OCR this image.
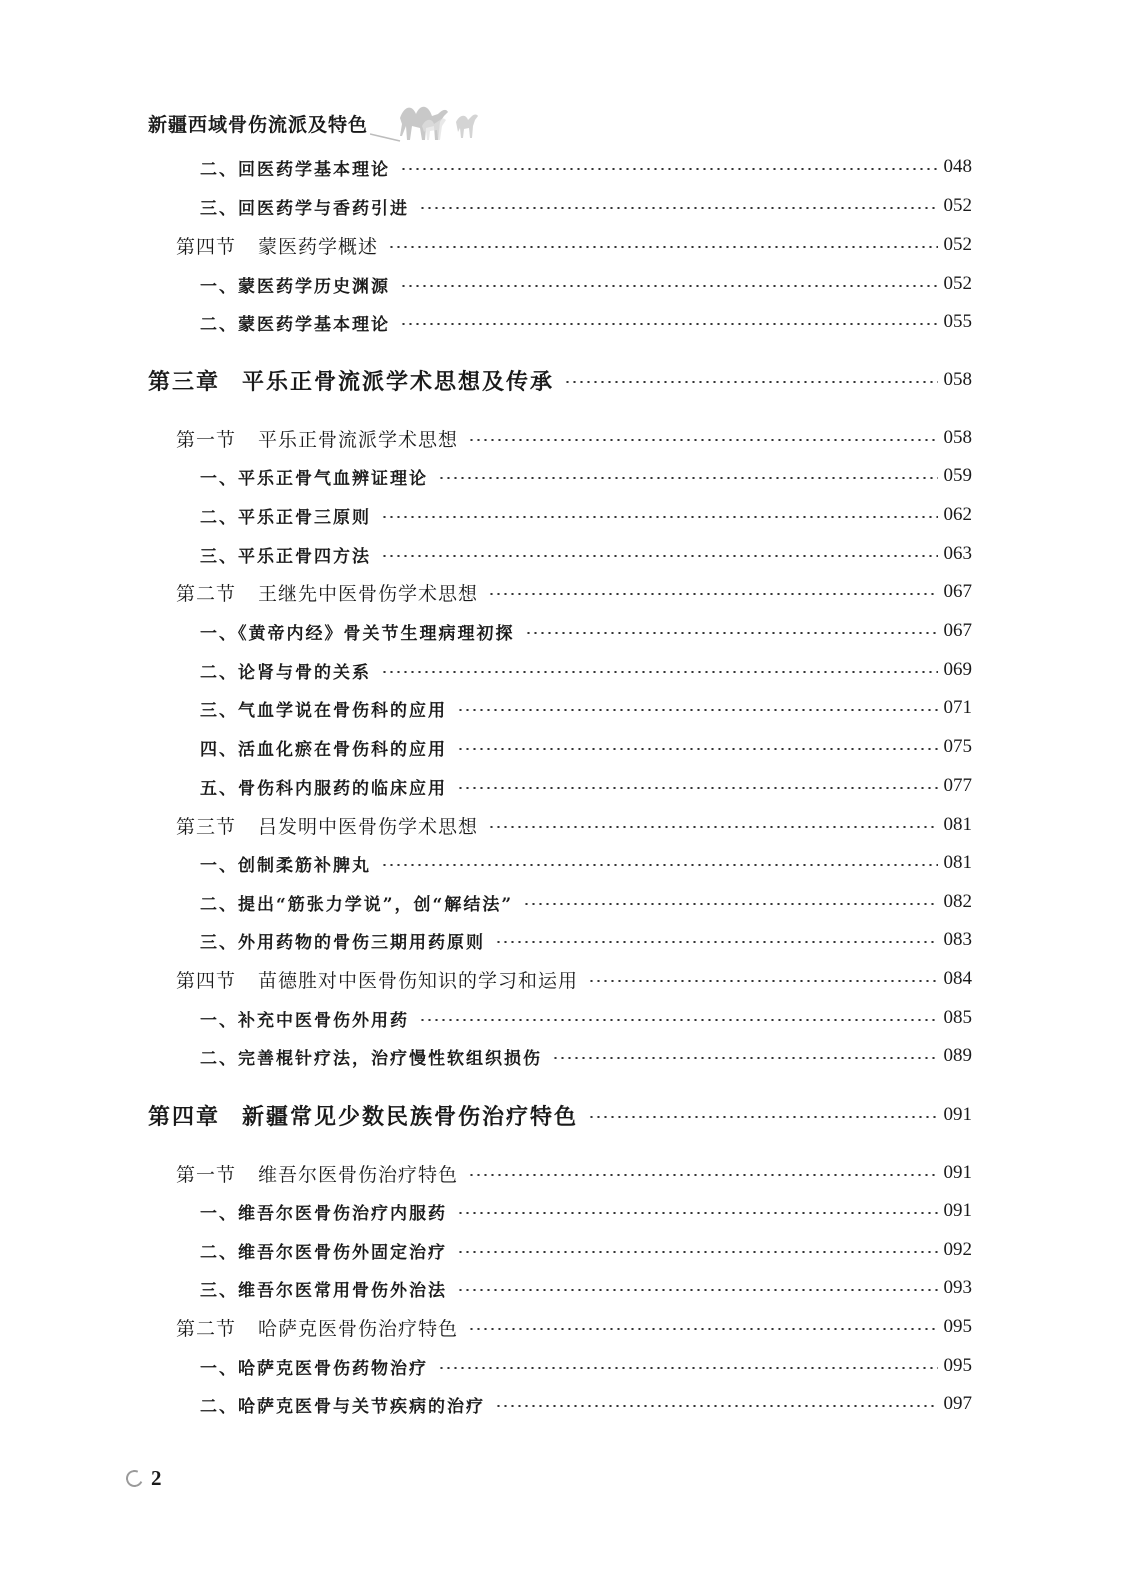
新疆西域骨伤流派及特色
二、回医药学基本理论	048
三、回医药学与香药引进	052
第四节 蒙医药学概述	052
一、蒙医药学历史渊源	052
二、蒙医药学基本理论	055
第三章 平乐正骨流派学术思想及传承	058
第一节 平乐正骨流派学术思想	058
一、平乐正骨气血辨证理论	059
二、平乐正骨三原则	062
三、平乐正骨四方法	063
第二节 王继先中医骨伤学术思想	067
一、《黄帝内经》骨关节生理病理初探	067
二、论肾与骨的关系	069
三、气血学说在骨伤科的应用	071
四、活血化瘀在骨伤科的应用	075
五、骨伤科内服药的临床应用	077
第三节 吕发明中医骨伤学术思想	081
一、创制柔筋补脾丸	081
二、提出“筋张力学说”，创“解结法”	082
三、外用药物的骨伤三期用药原则	083
第四节 苗德胜对中医骨伤知识的学习和运用	084
一、补充中医骨伤外用药	085
二、完善棍针疗法，治疗慢性软组织损伤	089
第四章 新疆常见少数民族骨伤治疗特色	091
第一节 维吾尔医骨伤治疗特色	091
一、维吾尔医骨伤治疗内服药	091
二、维吾尔医骨伤外固定治疗	092
三、维吾尔医常用骨伤外治法	093
第二节 哈萨克医骨伤治疗特色	095
一、哈萨克医骨伤药物治疗	095
二、哈萨克医骨与关节疾病的治疗	097
2
